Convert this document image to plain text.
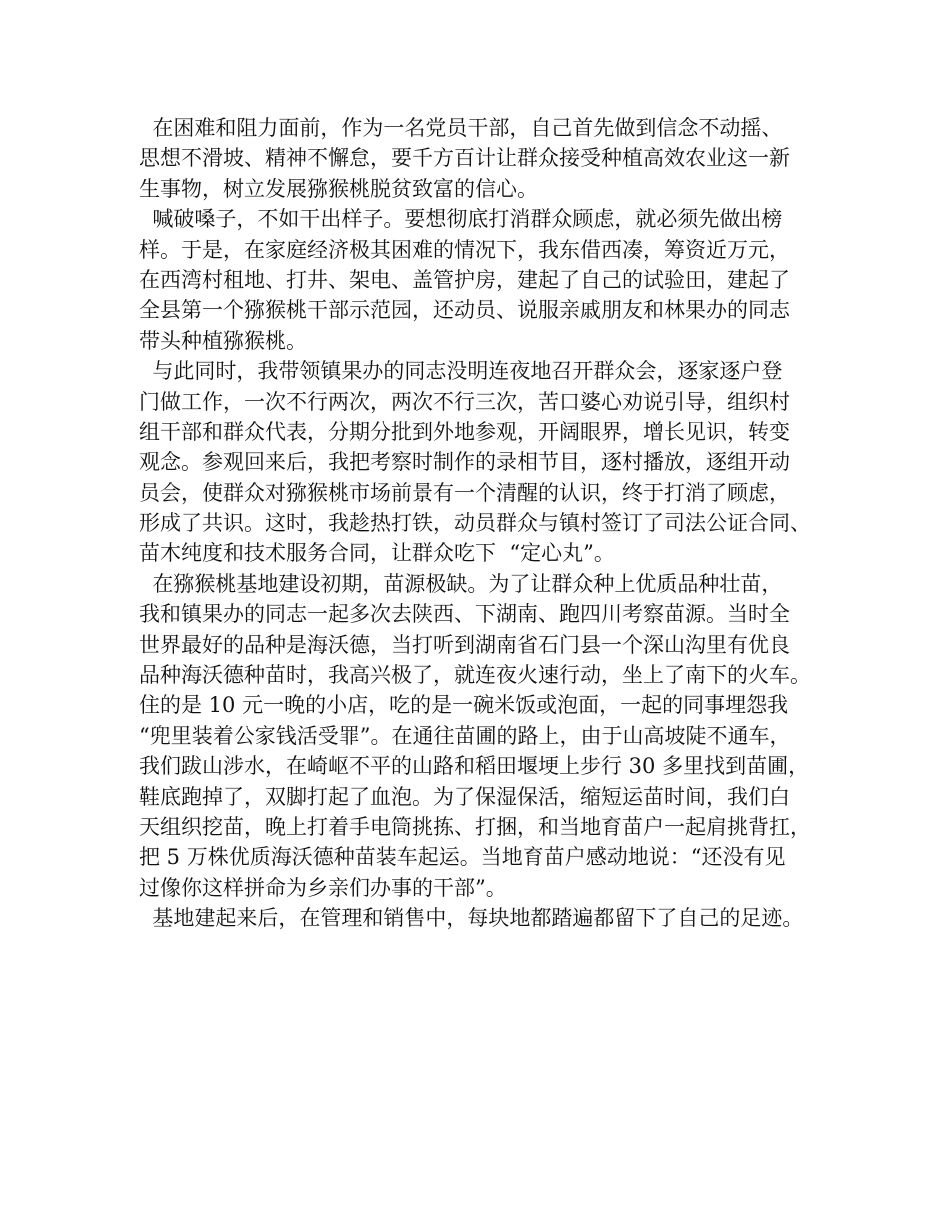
在困难和阻力面前，作为一名党员干部，自己首先做到信念不动摇、
思想不滑坡、精神不懈怠，要千方百计让群众接受种植高效农业这一新
生事物，树立发展猕猴桃脱贫致富的信心。
喊破嗓子，不如干出样子。要想彻底打消群众顾虑，就必须先做出榜
样。于是，在家庭经济极其困难的情况下，我东借西凑，筹资近万元，
在西湾村租地、打井、架电、盖管护房，建起了自己的试验田，建起了
全县第一个猕猴桃干部示范园，还动员、说服亲戚朋友和林果办的同志
带头种植猕猴桃。
与此同时，我带领镇果办的同志没明连夜地召开群众会，逐家逐户登
门做工作，一次不行两次，两次不行三次，苦口婆心劝说引导，组织村
组干部和群众代表，分期分批到外地参观，开阔眼界，增长见识，转变
观念。参观回来后，我把考察时制作的录相节目，逐村播放，逐组开动
员会，使群众对猕猴桃市场前景有一个清醒的认识，终于打消了顾虑，
形成了共识。这时，我趁热打铁，动员群众与镇村签订了司法公证合同、
苗木纯度和技术服务合同，让群众吃下  “定心丸”。
在猕猴桃基地建设初期，苗源极缺。为了让群众种上优质品种壮苗，
我和镇果办的同志一起多次去陕西、下湖南、跑四川考察苗源。当时全
世界最好的品种是海沃德，当打听到湖南省石门县一个深山沟里有优良
品种海沃德种苗时，我高兴极了，就连夜火速行动，坐上了南下的火车。
住的是 10 元一晚的小店，吃的是一碗米饭或泡面，一起的同事埋怨我
“兜里装着公家钱活受罪”。在通往苗圃的路上，由于山高坡陡不通车，
我们跋山涉水，在崎岖不平的山路和稻田堰埂上步行 30 多里找到苗圃，
鞋底跑掉了，双脚打起了血泡。为了保湿保活，缩短运苗时间，我们白
天组织挖苗，晚上打着手电筒挑拣、打捆，和当地育苗户一起肩挑背扛，
把 5 万株优质海沃德种苗装车起运。当地育苗户感动地说：“还没有见
过像你这样拼命为乡亲们办事的干部”。
基地建起来后，在管理和销售中，每块地都踏遍都留下了自己的足迹。
